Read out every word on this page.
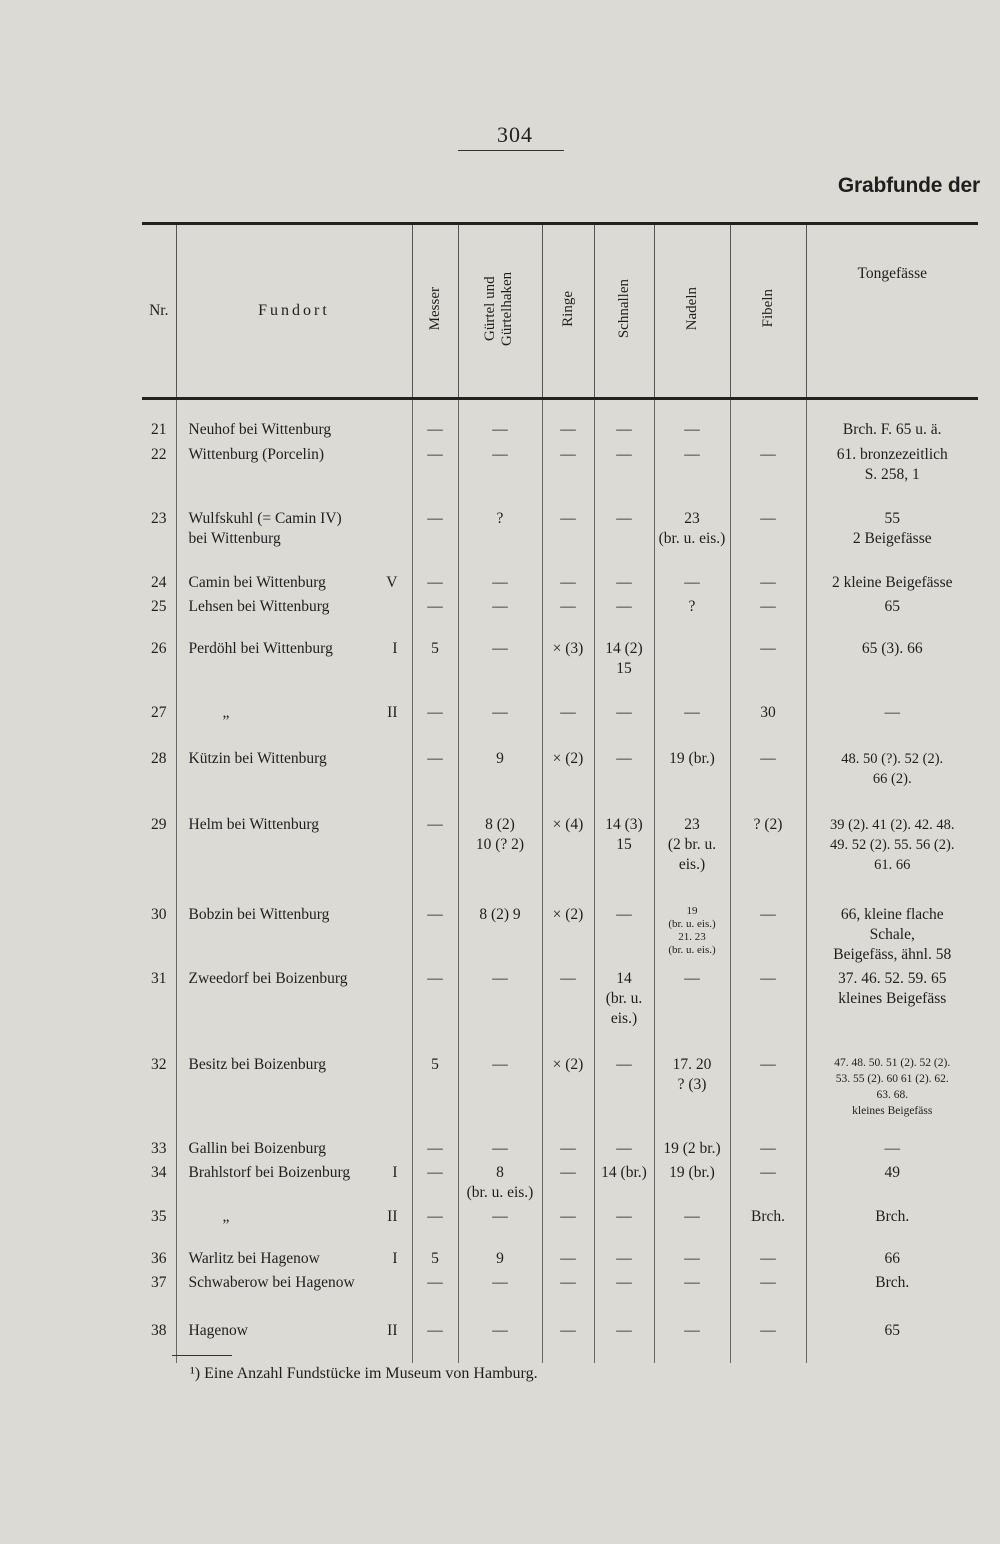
304
Grabfunde der
Nr.	Fundort	Messer	Gürtel und Gürtelhaken	Ringe	Schnallen	Nadeln	Fibeln	Tongefässe

21	Neuhof bei Wittenburg	—	—	—	—	—		Brch. F. 65 u. ä.

22	Wittenburg (Porcelin)	—	—	—	—	—	—	61. bronzezeitlich
S. 258, 1

23	Wulfskuhl (= Camin IV)
bei Wittenburg	—	?	—	—	23
(br. u. eis.)	—	55
2 Beigefässe

24	Camin bei Wittenburg V	—	—	—	—	—	—	2 kleine Beigefässe

25	Lehsen bei Wittenburg	—	—	—	—	?	—	65

26	Perdöhl bei Wittenburg I	5	—	× (3)	14 (2)
15		—	65 (3). 66

27	„ II	—	—	—	—	—	30	—

28	Kützin bei Wittenburg	—	9	× (2)	—	19 (br.)	—	48. 50 (?). 52 (2).
66 (2).

29	Helm bei Wittenburg	—	8 (2)
10 (? 2)	× (4)	14 (3)
15	23
(2 br. u.
eis.)	? (2)	39 (2). 41 (2). 42. 48.
49. 52 (2). 55. 56 (2).
61. 66

30	Bobzin bei Wittenburg	—	8 (2) 9	× (2)	—	19
(br. u. eis.)
21. 23
(br. u. eis.)	—	66, kleine flache
Schale,
Beigefäss, ähnl. 58

31	Zweedorf bei Boizenburg	—	—	—	14
(br. u.
eis.)	—	—	37. 46. 52. 59. 65
kleines Beigefäss

32	Besitz bei Boizenburg	5	—	× (2)	—	17. 20
? (3)	—	47. 48. 50. 51 (2). 52 (2).
53. 55 (2). 60 61 (2). 62.
63. 68.
kleines Beigefäss

33	Gallin bei Boizenburg	—	—	—	—	19 (2 br.)	—	—

34	Brahlstorf bei Boizenburg I	—	8
(br. u. eis.)	—	14 (br.)	19 (br.)	—	49

35	„ II	—	—	—	—	—	Brch.	Brch.

36	Warlitz bei Hagenow I	5	9	—	—	—	—	66

37	Schwaberow bei Hagenow	—	—	—	—	—	—	Brch.

38	Hagenow II	—	—	—	—	—	—	65
¹) Eine Anzahl Fundstücke im Museum von Hamburg.
